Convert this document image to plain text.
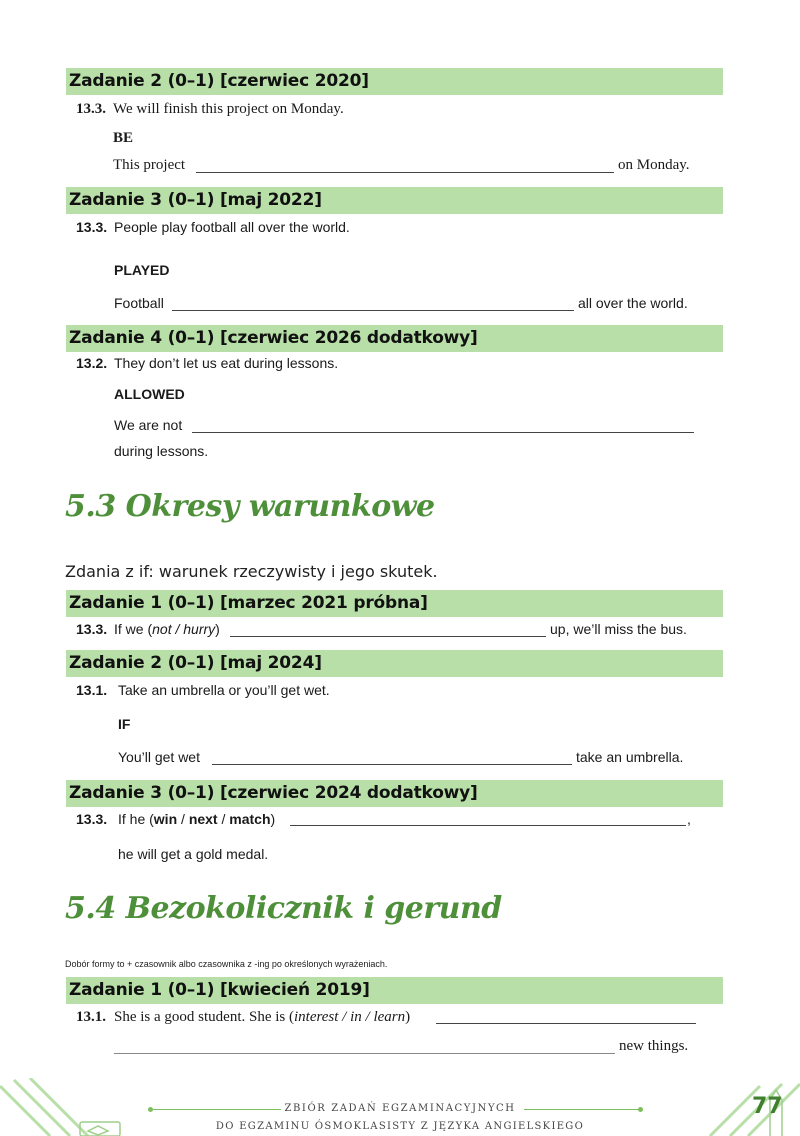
Zadanie 2 (0–1) [czerwiec 2020]
13.3. We will finish this project on Monday.
BE
This project	on Monday.
Zadanie 3 (0–1) [maj 2022]
13.3. People play football all over the world.
PLAYED
Football	all over the world.
Zadanie 4 (0–1) [czerwiec 2026 dodatkowy]
13.2. They don’t let us eat during lessons.
ALLOWED
We are not
during lessons.
5.3 Okresy warunkowe
Zdania z if: warunek rzeczywisty i jego skutek.
Zadanie 1 (0–1) [marzec 2021 próbna]
13.3. If we (not / hurry)	up, we’ll miss the bus.
Zadanie 2 (0–1) [maj 2024]
13.1. Take an umbrella or you’ll get wet.
IF
You’ll get wet	take an umbrella.
Zadanie 3 (0–1) [czerwiec 2024 dodatkowy]
13.3. If he (win / next / match)	,
he will get a gold medal.
5.4 Bezokolicznik i gerund
Dobór formy to + czasownik albo czasownika z -ing po określonych wyrażeniach.
Zadanie 1 (0–1) [kwiecień 2019]
13.1. She is a good student. She is (interest / in / learn)
new things.
ZBIÓR ZADAŃ EGZAMINACYJNYCH
DO EGZAMINU ÓSMOKLASISTY Z JĘZYKA ANGIELSKIEGO
77
